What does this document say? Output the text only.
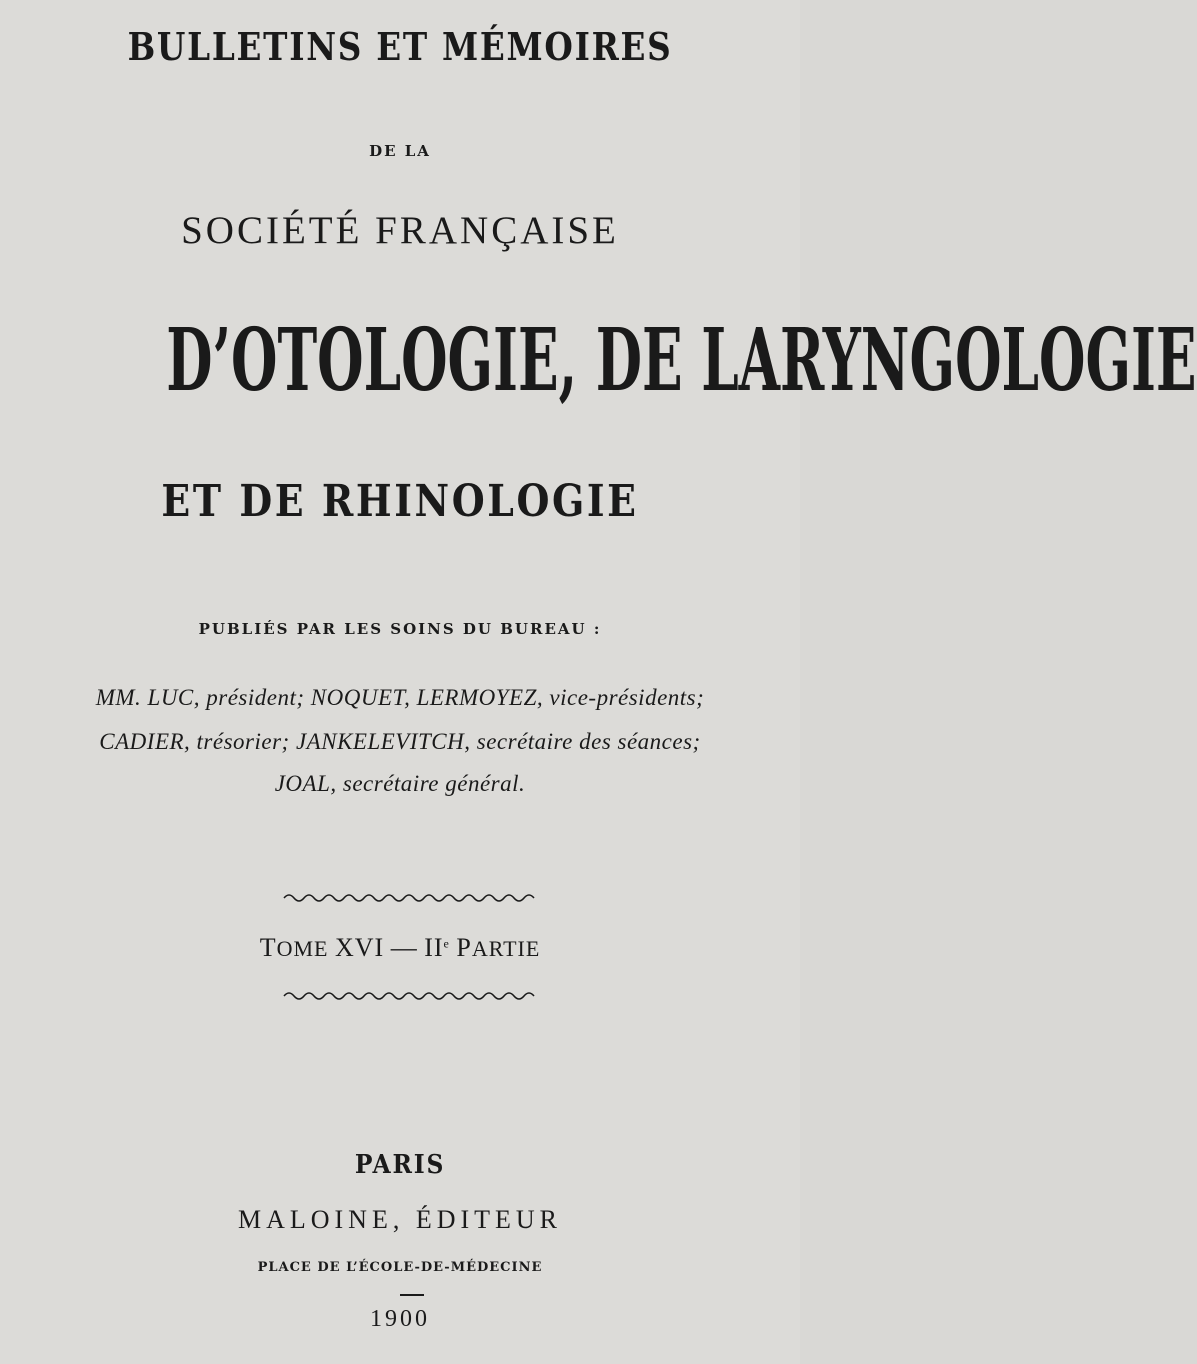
BULLETINS ET MÉMOIRES
DE LA
SOCIÉTÉ FRANÇAISE
D’OTOLOGIE, DE LARYNGOLOGIE
ET DE RHINOLOGIE
PUBLIÉS PAR LES SOINS DU BUREAU :
MM. LUC, président; NOQUET, LERMOYEZ, vice-présidents;
CADIER, trésorier; JANKELEVITCH, secrétaire des séances;
JOAL, secrétaire général.
TOME XVI — IIe PARTIE
PARIS
MALOINE, ÉDITEUR
PLACE DE L’ÉCOLE-DE-MÉDECINE
1900
